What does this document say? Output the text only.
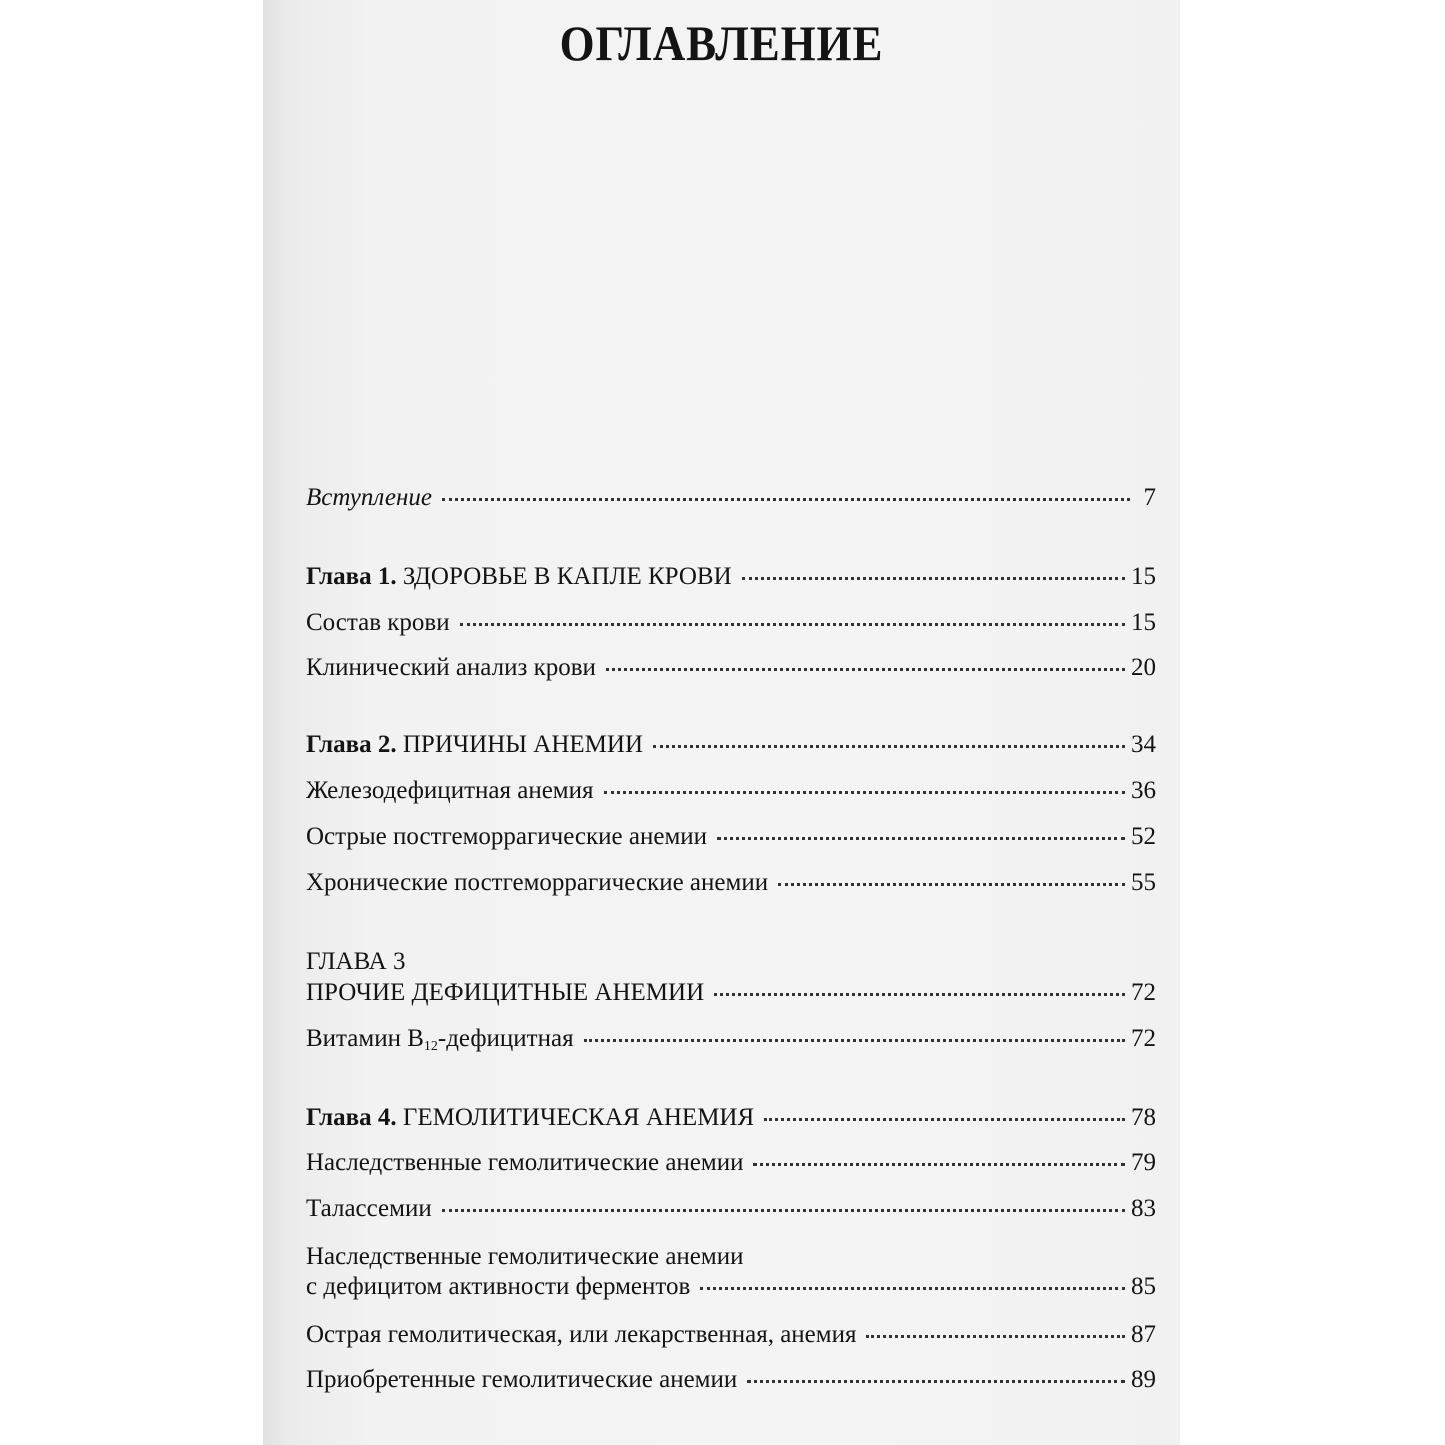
ОГЛАВЛЕНИЕ
Вступление	7
Глава 1. ЗДОРОВЬЕ В КАПЛЕ КРОВИ	15
Состав крови	15
Клинический анализ крови	20
Глава 2. ПРИЧИНЫ АНЕМИИ	34
Железодефицитная анемия	36
Острые постгеморрагические анемии	52
Хронические постгеморрагические анемии	55
ГЛАВА 3
ПРОЧИЕ ДЕФИЦИТНЫЕ АНЕМИИ	72
Витамин $В_{12}$-дефицитная	72
Глава 4. ГЕМОЛИТИЧЕСКАЯ АНЕМИЯ	78
Наследственные гемолитические анемии	79
Талассемии	83
Наследственные гемолитические анемии
с дефицитом активности ферментов	85
Острая гемолитическая, или лекарственная, анемия	87
Приобретенные гемолитические анемии	89
